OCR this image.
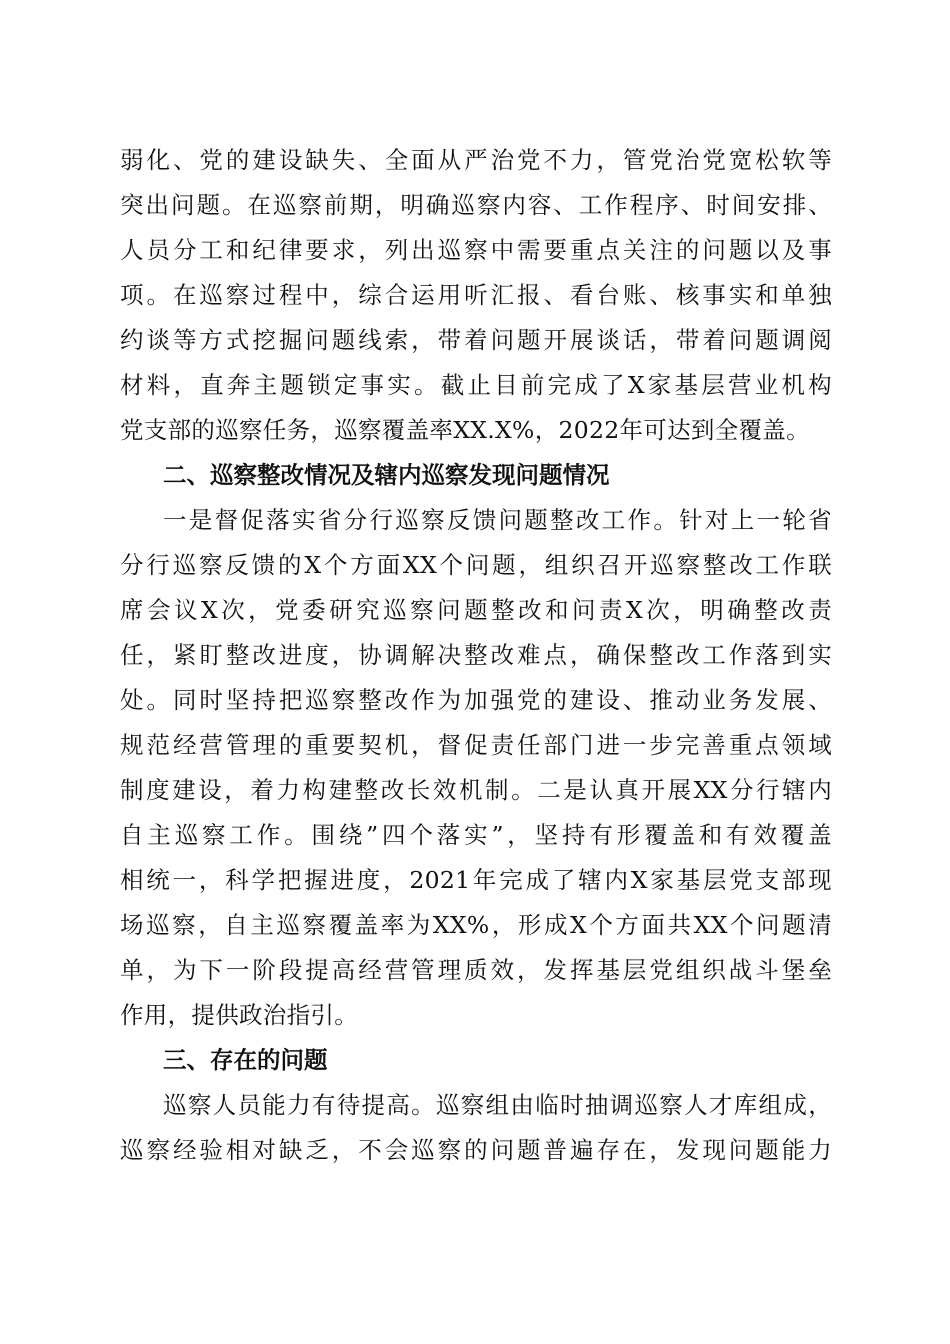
弱化、党的建设缺失、全面从严治党不力，管党治党宽松软等
突出问题。在巡察前期，明确巡察内容、工作程序、时间安排、
人员分工和纪律要求，列出巡察中需要重点关注的问题以及事
项。在巡察过程中，综合运用听汇报、看台账、核事实和单独
约谈等方式挖掘问题线索，带着问题开展谈话，带着问题调阅
材料，直奔主题锁定事实。截止目前完成了X家基层营业机构
党支部的巡察任务，巡察覆盖率XX.X%，2022年可达到全覆盖。
二、巡察整改情况及辖内巡察发现问题情况
一是督促落实省分行巡察反馈问题整改工作。针对上一轮省
分行巡察反馈的X个方面XX个问题，组织召开巡察整改工作联
席会议X次，党委研究巡察问题整改和问责X次，明确整改责
任，紧盯整改进度，协调解决整改难点，确保整改工作落到实
处。同时坚持把巡察整改作为加强党的建设、推动业务发展、
规范经营管理的重要契机，督促责任部门进一步完善重点领域
制度建设，着力构建整改长效机制。二是认真开展XX分行辖内
自主巡察工作。围绕”四个落实”，坚持有形覆盖和有效覆盖
相统一，科学把握进度，2021年完成了辖内X家基层党支部现
场巡察，自主巡察覆盖率为XX%，形成X个方面共XX个问题清
单，为下一阶段提高经营管理质效，发挥基层党组织战斗堡垒
作用，提供政治指引。
三、存在的问题
巡察人员能力有待提高。巡察组由临时抽调巡察人才库组成，
巡察经验相对缺乏，不会巡察的问题普遍存在，发现问题能力
